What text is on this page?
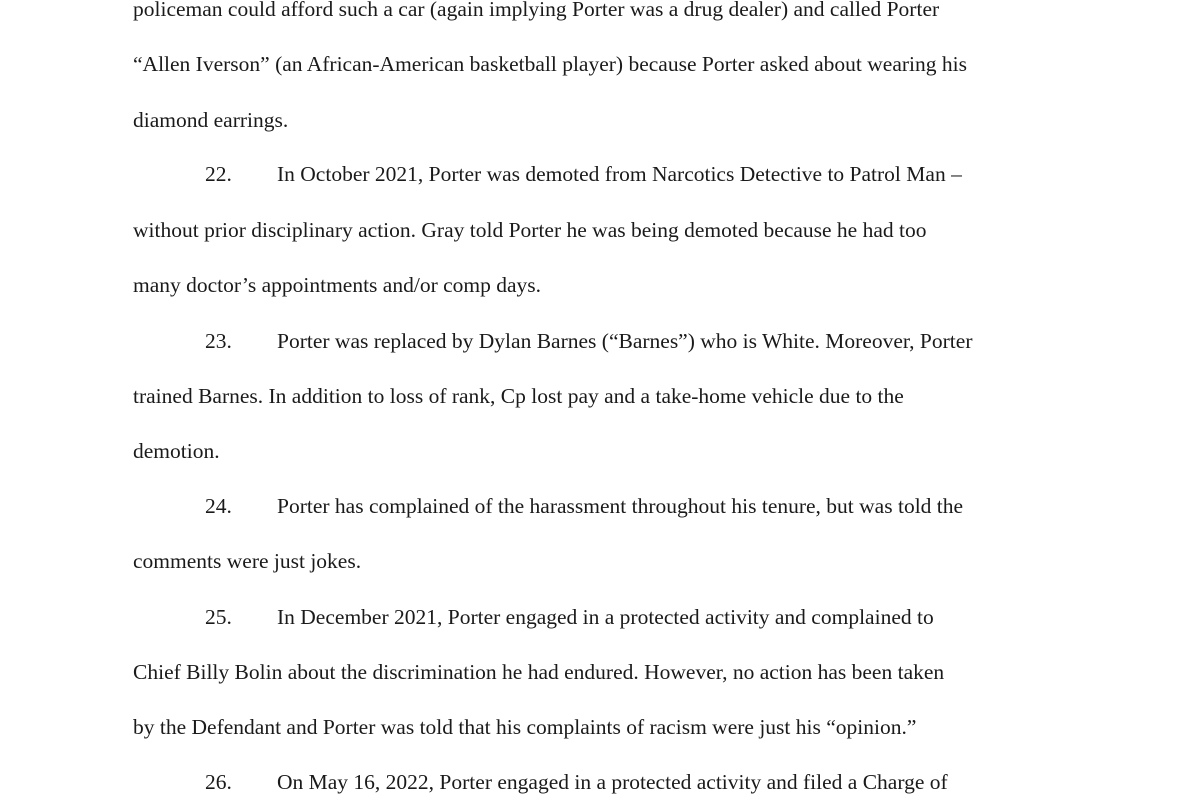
policeman could afford such a car (again implying Porter was a drug dealer) and called Porter

“Allen Iverson” (an African-American basketball player) because Porter asked about wearing his

diamond earrings.

22. In October 2021, Porter was demoted from Narcotics Detective to Patrol Man –

without prior disciplinary action. Gray told Porter he was being demoted because he had too

many doctor’s appointments and/or comp days.

23. Porter was replaced by Dylan Barnes (“Barnes”) who is White. Moreover, Porter

trained Barnes. In addition to loss of rank, Cp lost pay and a take-home vehicle due to the

demotion.

24. Porter has complained of the harassment throughout his tenure, but was told the

comments were just jokes.

25. In December 2021, Porter engaged in a protected activity and complained to

Chief Billy Bolin about the discrimination he had endured. However, no action has been taken

by the Defendant and Porter was told that his complaints of racism were just his “opinion.”

26. On May 16, 2022, Porter engaged in a protected activity and filed a Charge of
